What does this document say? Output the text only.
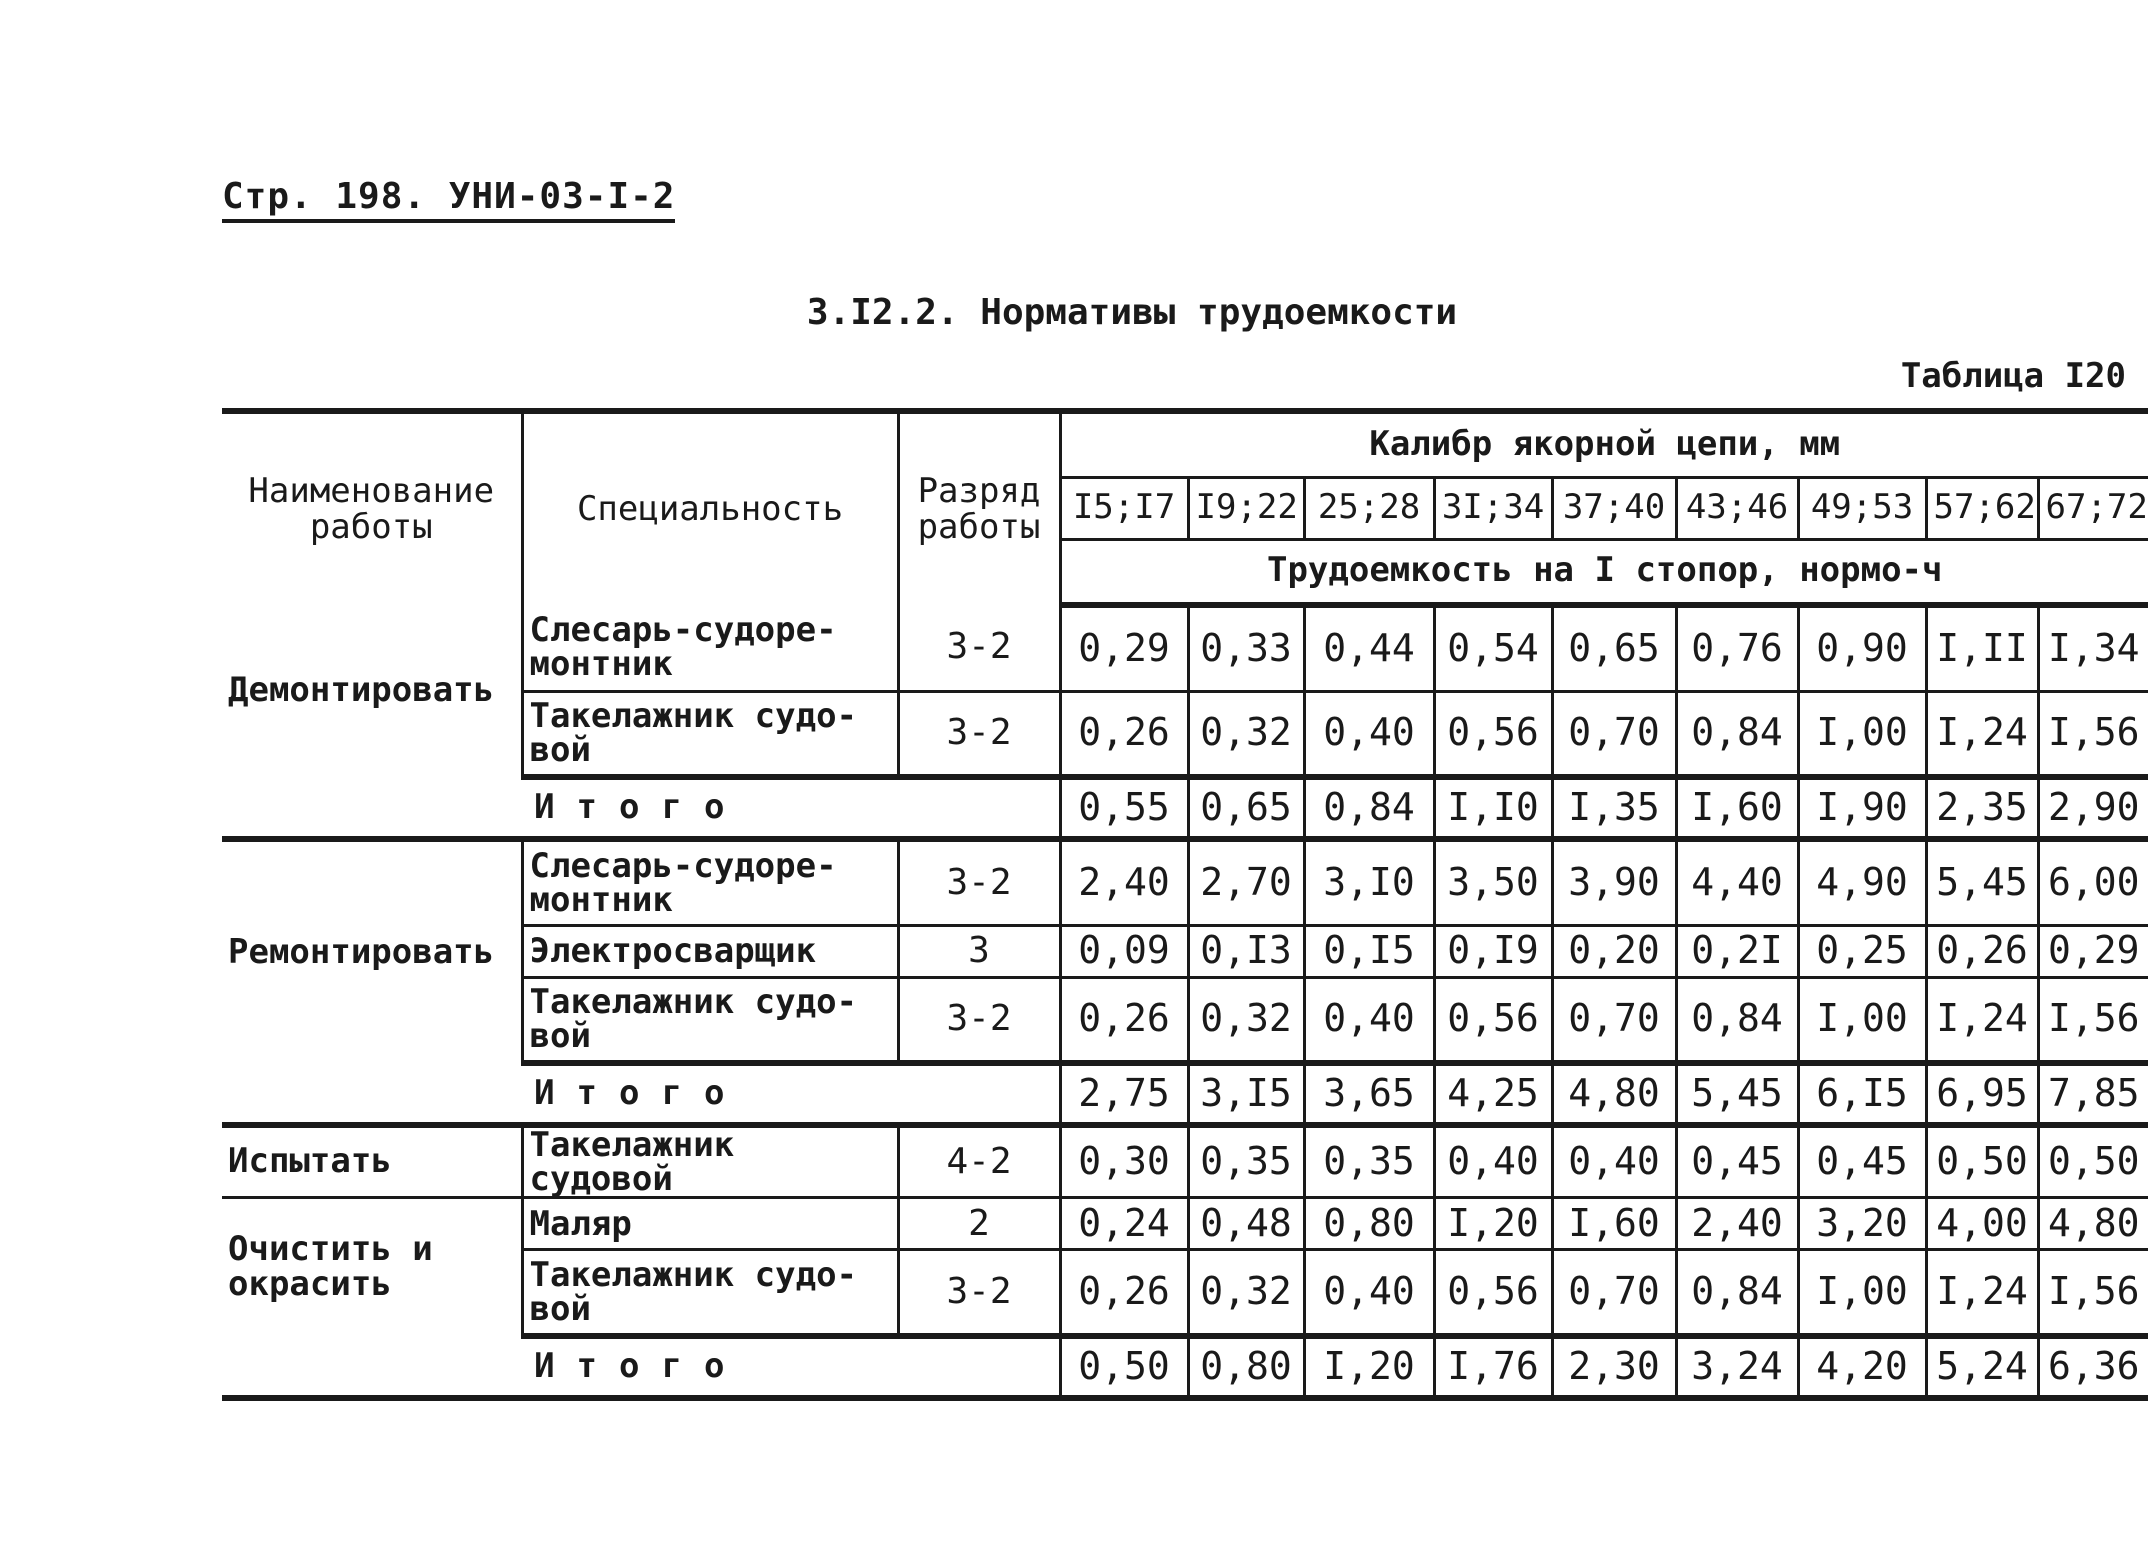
Стр. 198. УНИ-03-I-2
3.I2.2. Нормативы трудоемкости
Таблица I20
Наименование работы	Специальность	Разряд работы	Калибр якорной цепи, мм								
			I5;I7	I9;22	25;28	3I;34	37;40	43;46	49;53	57;62	67;72
			Трудоемкость на I стопор, нормо-ч								
Демонтировать	Слесарь-судоре-монтник	3-2	0,29	0,33	0,44	0,54	0,65	0,76	0,90	I,II	I,34
	Такелажник судо-вой	3-2	0,26	0,32	0,40	0,56	0,70	0,84	I,00	I,24	I,56
Итого			0,55	0,65	0,84	I,I0	I,35	I,60	I,90	2,35	2,90
Ремонтировать	Слесарь-судоре-монтник	3-2	2,40	2,70	3,I0	3,50	3,90	4,40	4,90	5,45	6,00
	Электросварщик	3	0,09	0,I3	0,I5	0,I9	0,20	0,2I	0,25	0,26	0,29
	Такелажник судо-вой	3-2	0,26	0,32	0,40	0,56	0,70	0,84	I,00	I,24	I,56
Итого			2,75	3,I5	3,65	4,25	4,80	5,45	6,I5	6,95	7,85
Испытать	Такелажник судовой	4-2	0,30	0,35	0,35	0,40	0,40	0,45	0,45	0,50	0,50
Очистить и окрасить	Маляр	2	0,24	0,48	0,80	I,20	I,60	2,40	3,20	4,00	4,80
	Такелажник судо-вой	3-2	0,26	0,32	0,40	0,56	0,70	0,84	I,00	I,24	I,56
Итого			0,50	0,80	I,20	I,76	2,30	3,24	4,20	5,24	6,36
